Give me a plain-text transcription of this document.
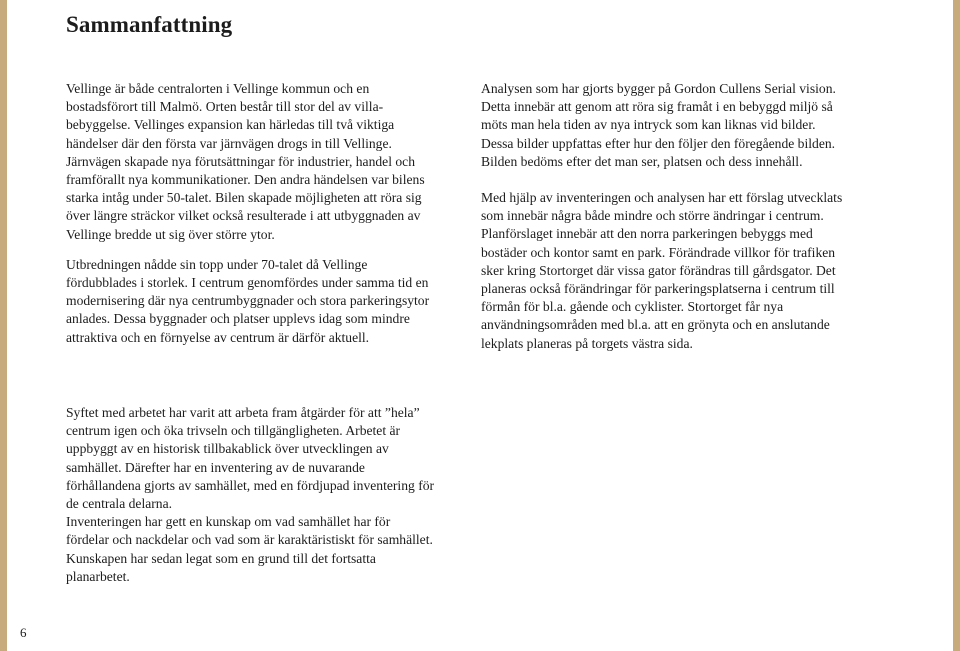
Sammanfattning

Vellinge är både centralorten i Vellinge kommun och en bostadsförort till Malmö. Orten består till stor del av villa-bebyggelse. Vellinges expansion kan härledas till två viktiga händelser där den första var järnvägen drogs in till Vellinge. Järnvägen skapade nya förutsättningar för industrier, handel och framförallt nya kommunikationer. Den andra händelsen var bilens starka intåg under 50-talet. Bilen skapade möjligheten att röra sig över längre sträckor vilket också resulterade i att utbyggnaden av Vellinge bredde ut sig över större ytor.

Utbredningen nådde sin topp under 70-talet då Vellinge fördubblades i storlek. I centrum genomfördes under samma tid en modernisering där nya centrumbyggnader och stora parkeringsytor anlades. Dessa byggnader och platser upplevs idag som mindre attraktiva och en förnyelse av centrum är därför aktuell.

Syftet med arbetet har varit att arbeta fram åtgärder för att ”hela” centrum igen och öka trivseln och tillgängligheten. Arbetet är uppbyggt av en historisk tillbakablick över utvecklingen av samhället. Därefter har en inventering av de nuvarande förhållandena gjorts av samhället, med en fördjupad inventering för de centrala delarna.

Inventeringen har gett en kunskap om vad samhället har för fördelar och nackdelar och vad som är karaktäristiskt för samhället. Kunskapen har sedan legat som en grund till det fortsatta planarbetet.

Analysen som har gjorts bygger på Gordon Cullens Serial vision. Detta innebär att genom att röra sig framåt i en bebyggd miljö så möts man hela tiden av nya intryck som kan liknas vid bilder. Dessa bilder uppfattas efter hur den följer den föregående bilden. Bilden bedöms efter det man ser, platsen och dess innehåll.

Med hjälp av inventeringen och analysen har ett förslag utvecklats som innebär några både mindre och större ändringar i centrum. Planförslaget innebär att den norra parkeringen bebyggs med bostäder och kontor samt en park. Förändrade villkor för trafiken sker kring Stortorget där vissa gator förändras till gårdsgator. Det planeras också förändringar för parkeringsplatserna i centrum till förmån för bl.a. gående och cyklister. Stortorget får nya användningsområden med bl.a. att en grönyta och en anslutande lekplats planeras på torgets västra sida.

6
